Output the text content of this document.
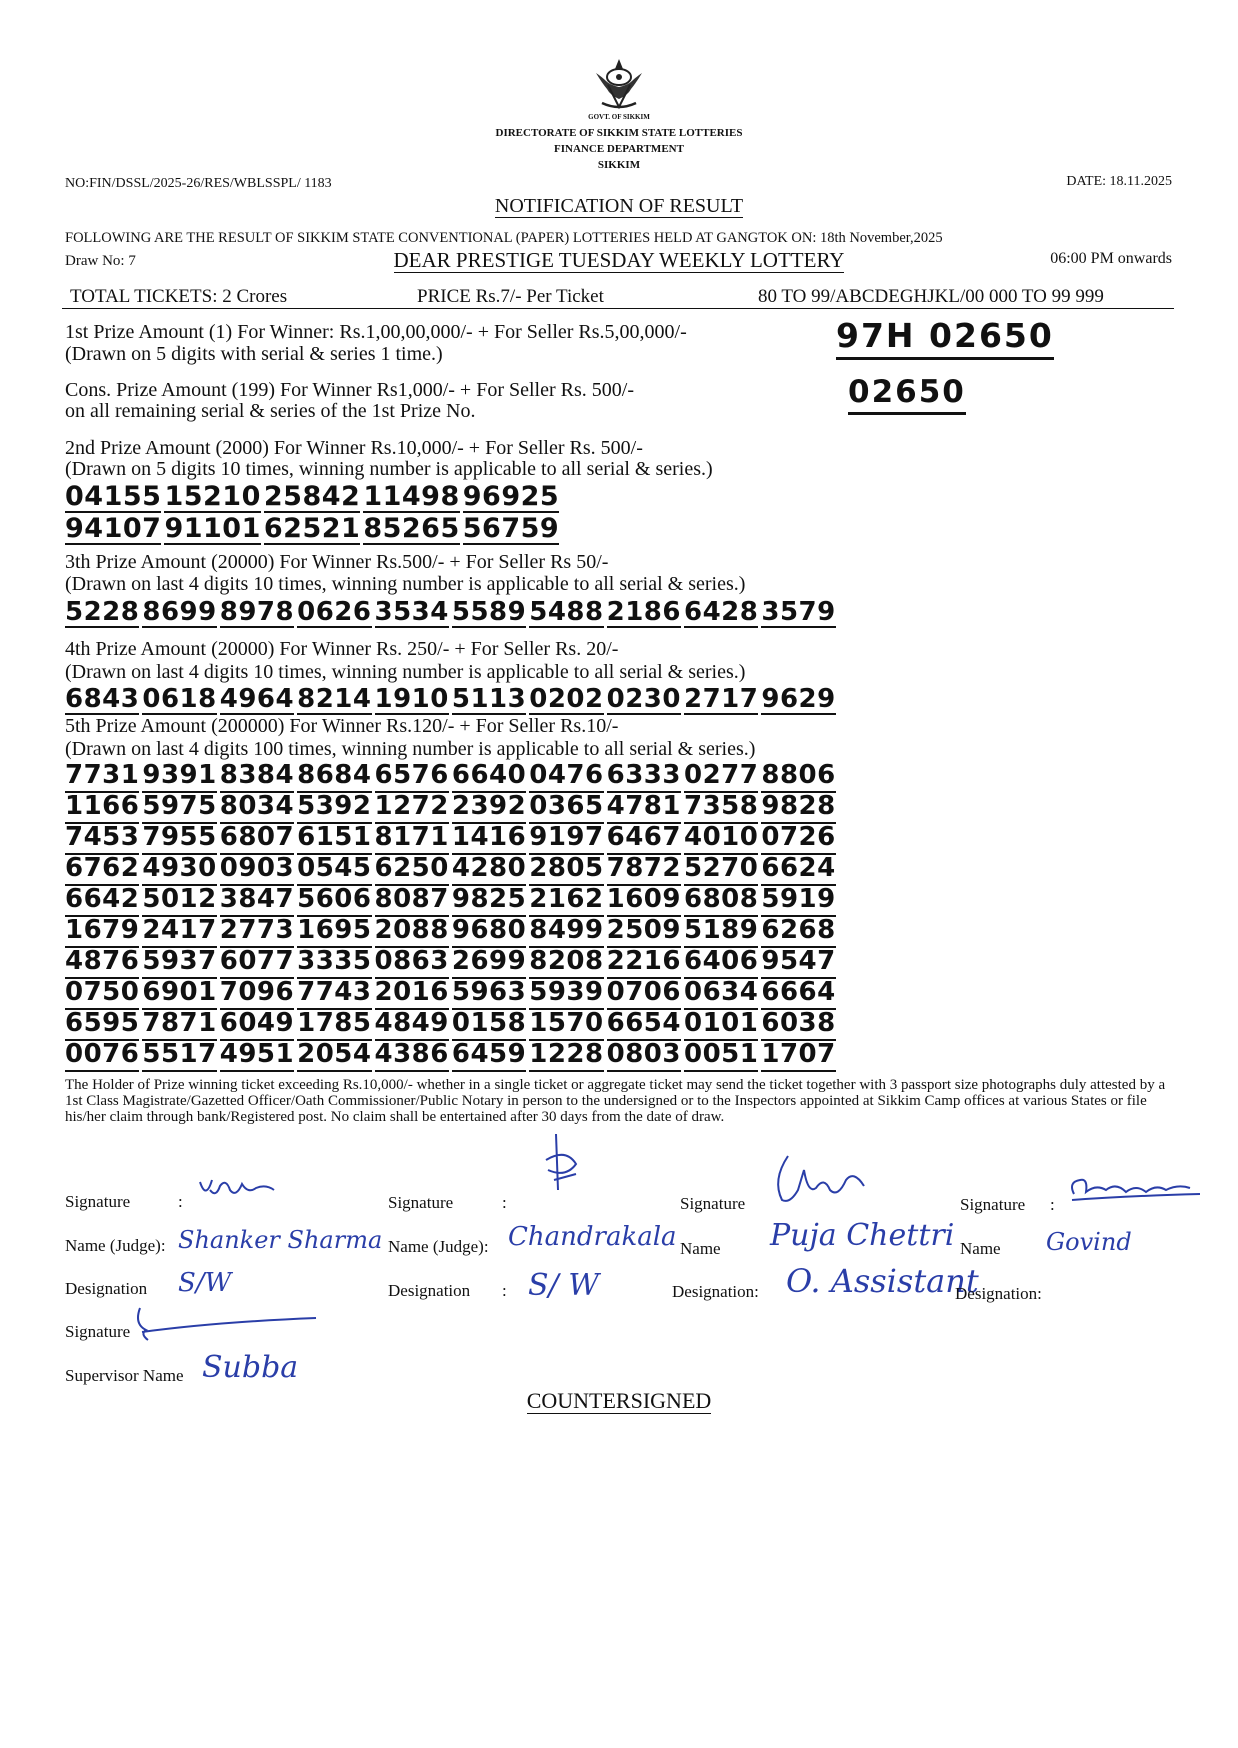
GOVT. OF SIKKIM
DIRECTORATE OF SIKKIM STATE LOTTERIES
FINANCE DEPARTMENT
SIKKIM
NO:FIN/DSSL/2025-26/RES/WBLSSPL/ 1183	DATE: 18.11.2025
NOTIFICATION OF RESULT
FOLLOWING ARE THE RESULT OF SIKKIM STATE CONVENTIONAL (PAPER) LOTTERIES HELD AT GANGTOK ON: 18th November,2025
Draw No: 7	DEAR PRESTIGE TUESDAY WEEKLY LOTTERY	06:00 PM onwards
TOTAL TICKETS: 2 Crores	PRICE Rs.7/- Per Ticket	80 TO 99/ABCDEGHJKL/00 000 TO 99 999
1st Prize Amount (1) For Winner: Rs.1,00,00,000/- + For Seller Rs.5,00,000/-
(Drawn on 5 digits with serial & series 1 time.)	97H 02650
Cons. Prize Amount (199) For Winner Rs1,000/- + For Seller Rs. 500/-
on all remaining serial & series of the 1st Prize No.
02650
2nd Prize Amount (2000) For Winner Rs.10,000/- + For Seller Rs. 500/-
(Drawn on 5 digits 10 times, winning number is applicable to all serial & series.)
04155 15210 25842 11498 96925
94107 91101 62521 85265 56759
3th Prize Amount (20000) For Winner Rs.500/- + For Seller Rs 50/-
(Drawn on last 4 digits 10 times, winning number is applicable to all serial & series.)
5228 8699 8978 0626 3534 5589 5488 2186 6428 3579
4th Prize Amount (20000) For Winner Rs. 250/- + For Seller Rs. 20/-
(Drawn on last 4 digits 10 times, winning number is applicable to all serial & series.)
6843 0618 4964 8214 1910 5113 0202 0230 2717 9629
5th Prize Amount (200000) For Winner Rs.120/- + For Seller Rs.10/-
(Drawn on last 4 digits 100 times, winning number is applicable to all serial & series.)
7731 9391 8384 8684 6576 6640 0476 6333 0277 8806
1166 5975 8034 5392 1272 2392 0365 4781 7358 9828
7453 7955 6807 6151 8171 1416 9197 6467 4010 0726
6762 4930 0903 0545 6250 4280 2805 7872 5270 6624
6642 5012 3847 5606 8087 9825 2162 1609 6808 5919
1679 2417 2773 1695 2088 9680 8499 2509 5189 6268
4876 5937 6077 3335 0863 2699 8208 2216 6406 9547
0750 6901 7096 7743 2016 5963 5939 0706 0634 6664
6595 7871 6049 1785 4849 0158 1570 6654 0101 6038
0076 5517 4951 2054 4386 6459 1228 0803 0051 1707
The Holder of Prize winning ticket exceeding Rs.10,000/- whether in a single ticket or aggregate ticket may send the ticket together with 3 passport size photographs duly attested by a 1st Class Magistrate/Gazetted Officer/Oath Commissioner/Public Notary in person to the undersigned or to the Inspectors appointed at Sikkim Camp offices at various States or file his/her claim through bank/Registered post. No claim shall be entertained after 30 days from the date of draw.
Signature	:
Name (Judge): Shanker Sharma
Designation S/W
Signature	:
Name (Judge): Chandrakala
Designation : S/ W
Signature
Name Puja Chettri
Designation: O. Assistant
Signature :
Name Govind
Designation:
Signature
Supervisor Name Subba
COUNTERSIGNED
